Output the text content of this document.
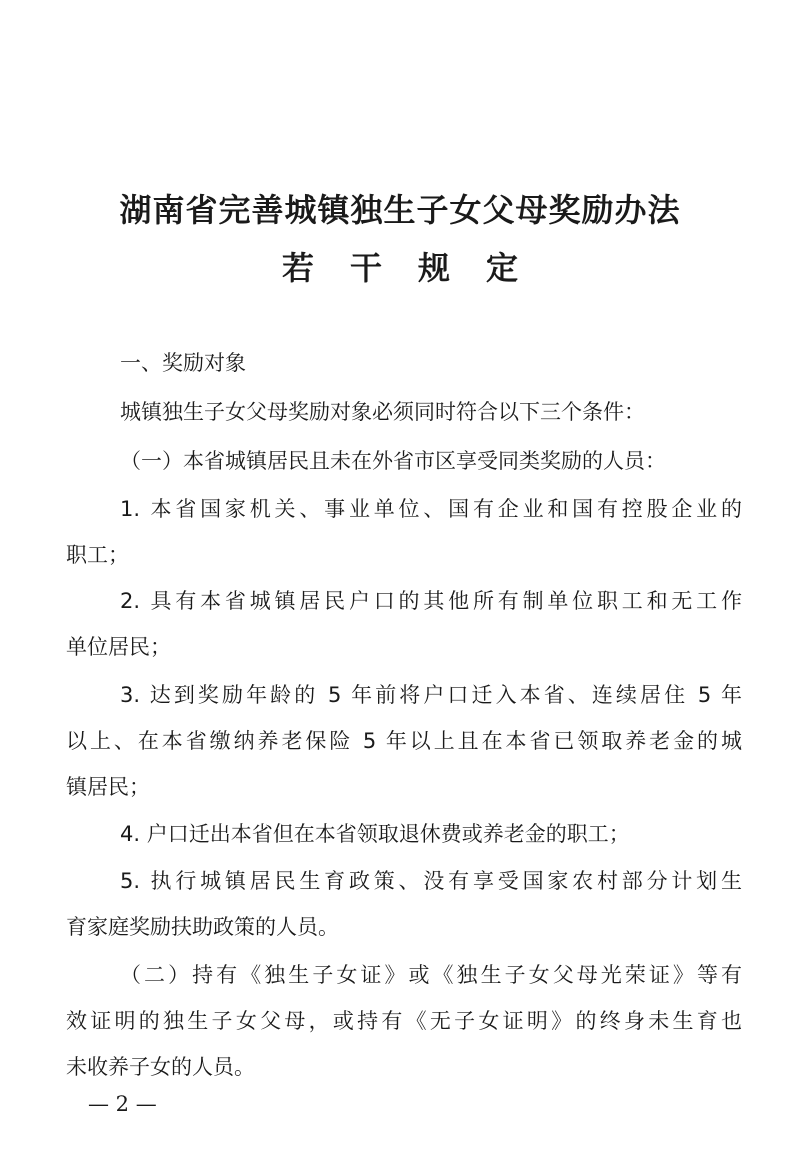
湖南省完善城镇独生子女父母奖励办法
若干规定

一、奖励对象

城镇独生子女父母奖励对象必须同时符合以下三个条件：

（一）本省城镇居民且未在外省市区享受同类奖励的人员：

1. 本省国家机关、事业单位、国有企业和国有控股企业的

职工；

2. 具有本省城镇居民户口的其他所有制单位职工和无工作

单位居民；

3. 达到奖励年龄的 5 年前将户口迁入本省、连续居住 5 年

以上、在本省缴纳养老保险 5 年以上且在本省已领取养老金的城

镇居民；

4. 户口迁出本省但在本省领取退休费或养老金的职工；

5. 执行城镇居民生育政策、没有享受国家农村部分计划生

育家庭奖励扶助政策的人员。

（二）持有《独生子女证》或《独生子女父母光荣证》等有

效证明的独生子女父母，或持有《无子女证明》的终身未生育也

未收养子女的人员。

— 2 —
